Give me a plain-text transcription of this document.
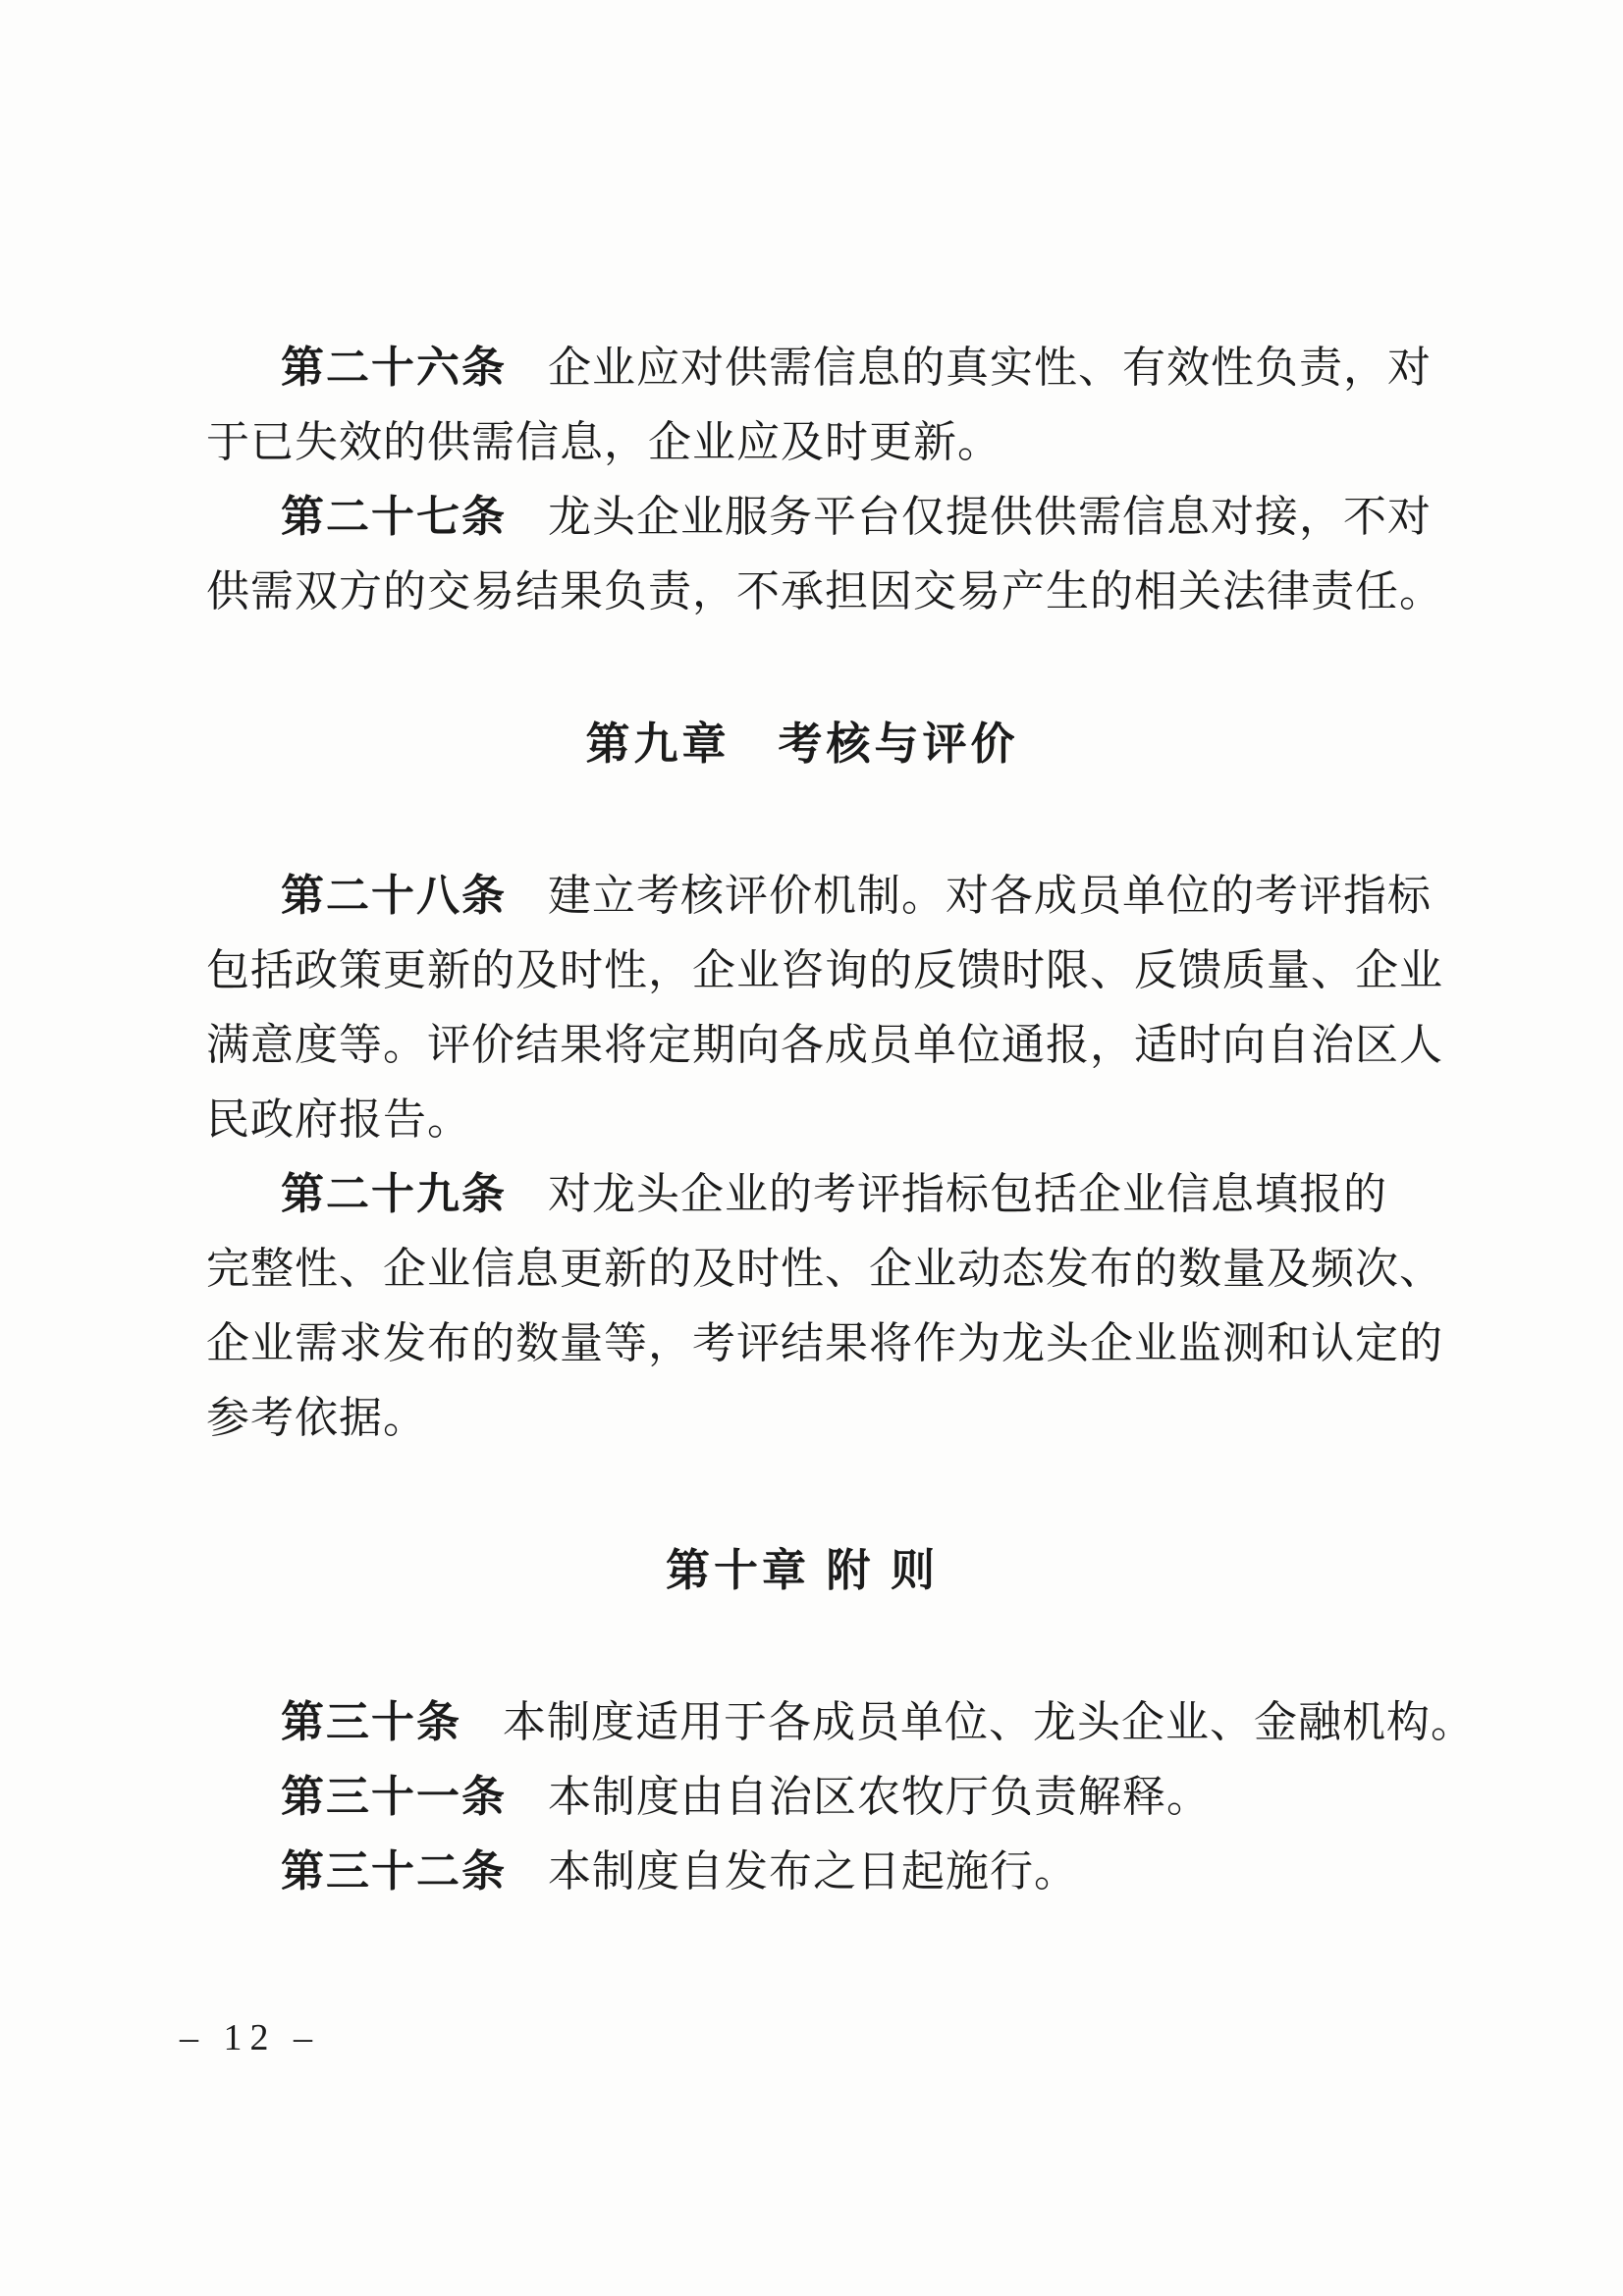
第二十六条 企业应对供需信息的真实性、有效性负责，对
于已失效的供需信息，企业应及时更新。
第二十七条 龙头企业服务平台仅提供供需信息对接，不对
供需双方的交易结果负责，不承担因交易产生的相关法律责任。
第九章　考核与评价
第二十八条 建立考核评价机制。对各成员单位的考评指标
包括政策更新的及时性，企业咨询的反馈时限、反馈质量、企业
满意度等。评价结果将定期向各成员单位通报，适时向自治区人
民政府报告。
第二十九条 对龙头企业的考评指标包括企业信息填报的
完整性、企业信息更新的及时性、企业动态发布的数量及频次、
企业需求发布的数量等，考评结果将作为龙头企业监测和认定的
参考依据。
第十章 附 则
第三十条 本制度适用于各成员单位、龙头企业、金融机构。
第三十一条 本制度由自治区农牧厅负责解释。
第三十二条 本制度自发布之日起施行。
– 12 –
